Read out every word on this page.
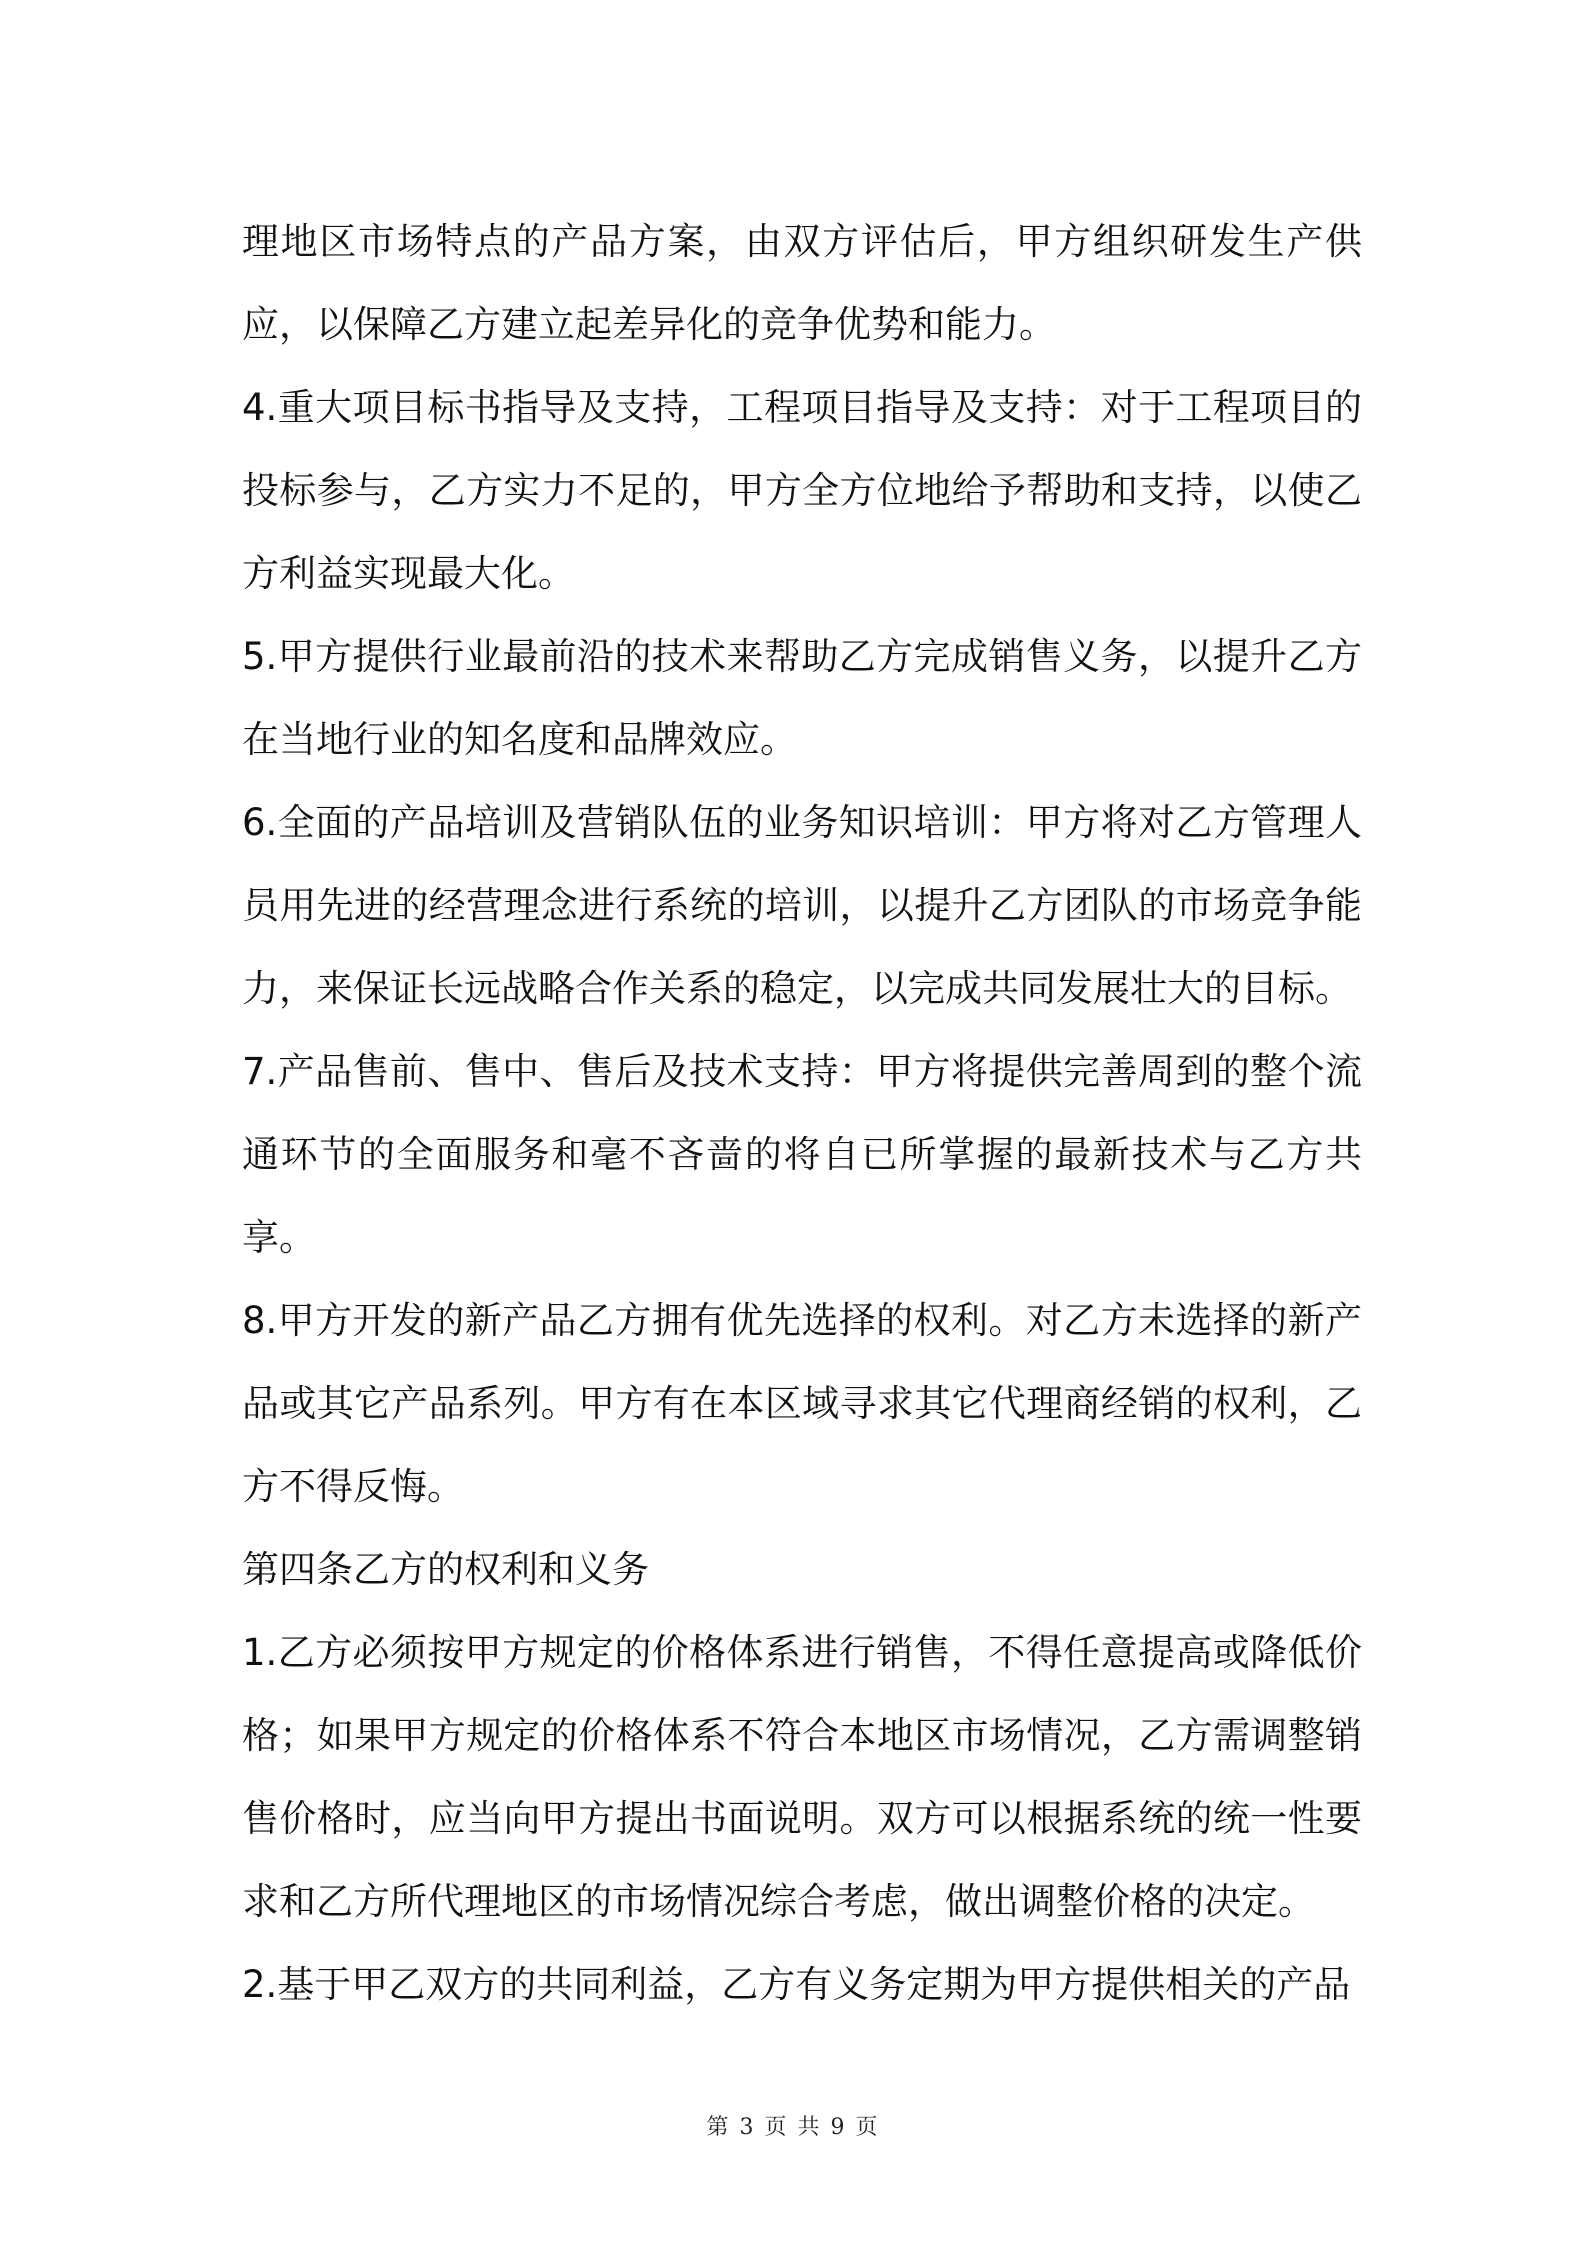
理地区市场特点的产品方案，由双方评估后，甲方组织研发生产供应，以保障乙方建立起差异化的竞争优势和能力。

4.重大项目标书指导及支持，工程项目指导及支持：对于工程项目的投标参与，乙方实力不足的，甲方全方位地给予帮助和支持，以使乙方利益实现最大化。

5.甲方提供行业最前沿的技术来帮助乙方完成销售义务，以提升乙方在当地行业的知名度和品牌效应。

6.全面的产品培训及营销队伍的业务知识培训：甲方将对乙方管理人员用先进的经营理念进行系统的培训，以提升乙方团队的市场竞争能力，来保证长远战略合作关系的稳定，以完成共同发展壮大的目标。

7.产品售前、售中、售后及技术支持：甲方将提供完善周到的整个流通环节的全面服务和毫不吝啬的将自已所掌握的最新技术与乙方共享。

8.甲方开发的新产品乙方拥有优先选择的权利。对乙方未选择的新产品或其它产品系列。甲方有在本区域寻求其它代理商经销的权利，乙方不得反悔。

第四条乙方的权利和义务

1.乙方必须按甲方规定的价格体系进行销售，不得任意提高或降低价格；如果甲方规定的价格体系不符合本地区市场情况，乙方需调整销售价格时，应当向甲方提出书面说明。双方可以根据系统的统一性要求和乙方所代理地区的市场情况综合考虑，做出调整价格的决定。

2.基于甲乙双方的共同利益，乙方有义务定期为甲方提供相关的产品

第 3 页 共 9 页
